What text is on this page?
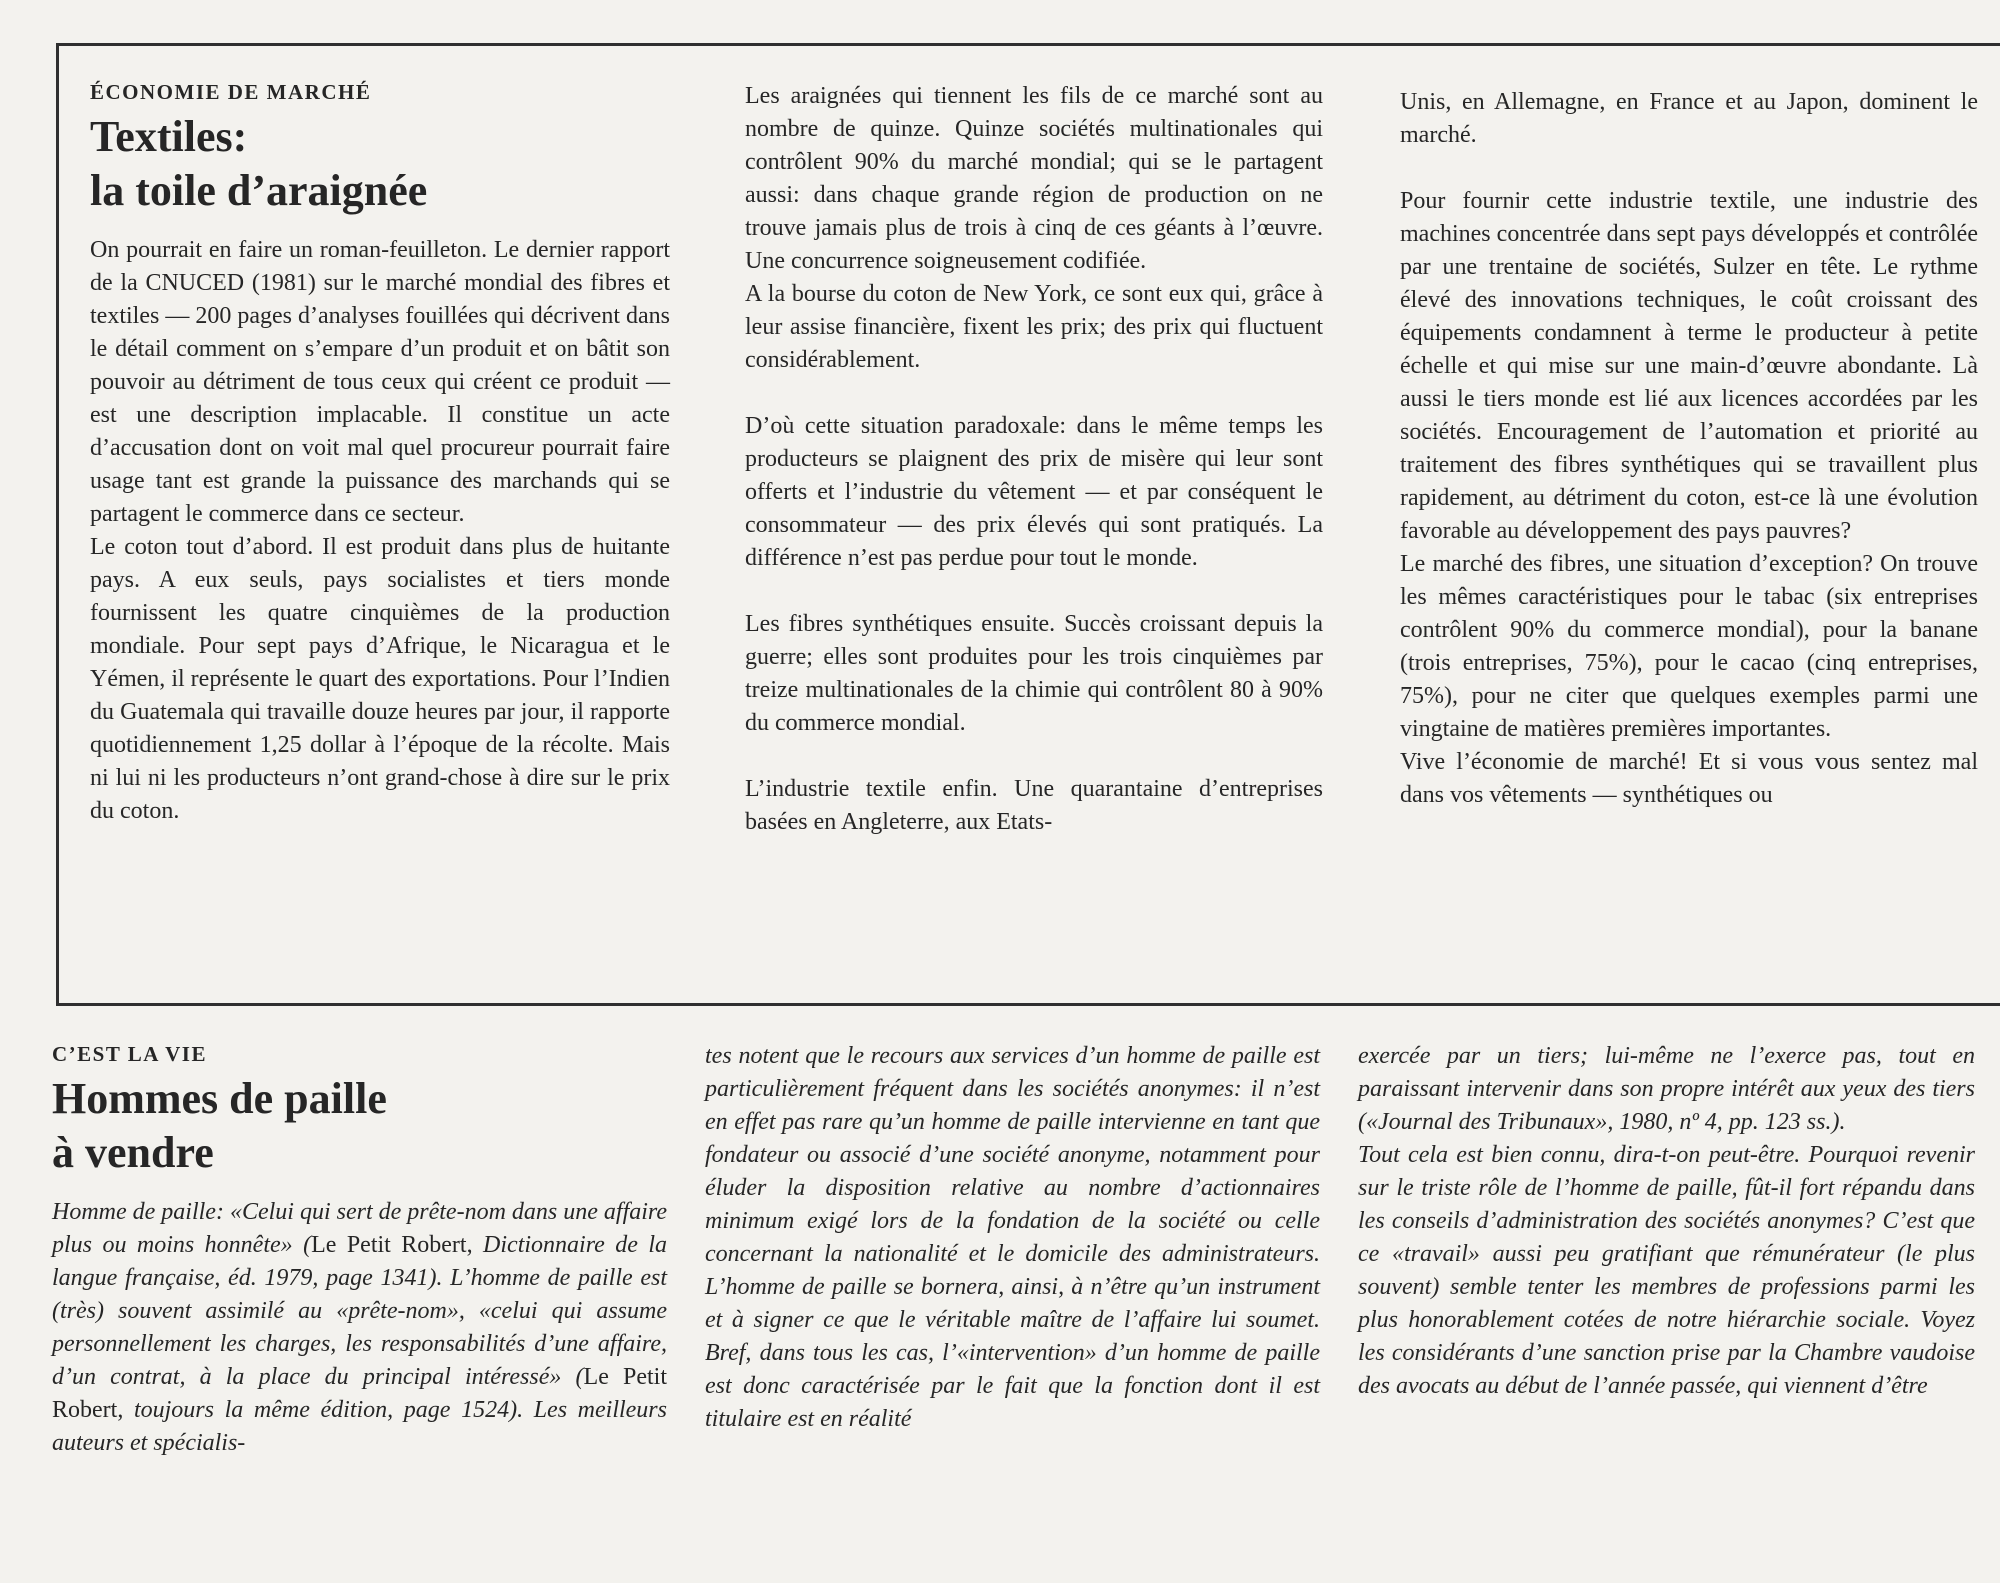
ÉCONOMIE DE MARCHÉ
Textiles:
la toile d’araignée

On pourrait en faire un roman-feuilleton. Le dernier rapport de la CNUCED (1981) sur le marché mondial des fibres et textiles — 200 pages d’analyses fouillées qui décrivent dans le détail comment on s’empare d’un produit et on bâtit son pouvoir au détriment de tous ceux qui créent ce produit — est une description implacable. Il constitue un acte d’accusation dont on voit mal quel procureur pourrait faire usage tant est grande la puissance des marchands qui se partagent le commerce dans ce secteur.

Le coton tout d’abord. Il est produit dans plus de huitante pays. A eux seuls, pays socialistes et tiers monde fournissent les quatre cinquièmes de la production mondiale. Pour sept pays d’Afrique, le Nicaragua et le Yémen, il représente le quart des exportations. Pour l’Indien du Guatemala qui travaille douze heures par jour, il rapporte quotidiennement 1,25 dollar à l’époque de la récolte. Mais ni lui ni les producteurs n’ont grand-chose à dire sur le prix du coton.

Les araignées qui tiennent les fils de ce marché sont au nombre de quinze. Quinze sociétés multinationales qui contrôlent 90% du marché mondial; qui se le partagent aussi: dans chaque grande région de production on ne trouve jamais plus de trois à cinq de ces géants à l’œuvre. Une concurrence soigneusement codifiée.

A la bourse du coton de New York, ce sont eux qui, grâce à leur assise financière, fixent les prix; des prix qui fluctuent considérablement.

D’où cette situation paradoxale: dans le même temps les producteurs se plaignent des prix de misère qui leur sont offerts et l’industrie du vêtement — et par conséquent le consommateur — des prix élevés qui sont pratiqués. La différence n’est pas perdue pour tout le monde.

Les fibres synthétiques ensuite. Succès croissant depuis la guerre; elles sont produites pour les trois cinquièmes par treize multinationales de la chimie qui contrôlent 80 à 90% du commerce mondial.

L’industrie textile enfin. Une quarantaine d’entreprises basées en Angleterre, aux Etats-

Unis, en Allemagne, en France et au Japon, dominent le marché.

Pour fournir cette industrie textile, une industrie des machines concentrée dans sept pays développés et contrôlée par une trentaine de sociétés, Sulzer en tête. Le rythme élevé des innovations techniques, le coût croissant des équipements condamnent à terme le producteur à petite échelle et qui mise sur une main-d’œuvre abondante. Là aussi le tiers monde est lié aux licences accordées par les sociétés. Encouragement de l’automation et priorité au traitement des fibres synthétiques qui se travaillent plus rapidement, au détriment du coton, est-ce là une évolution favorable au développement des pays pauvres?

Le marché des fibres, une situation d’exception? On trouve les mêmes caractéristiques pour le tabac (six entreprises contrôlent 90% du commerce mondial), pour la banane (trois entreprises, 75%), pour le cacao (cinq entreprises, 75%), pour ne citer que quelques exemples parmi une vingtaine de matières premières importantes.

Vive l’économie de marché! Et si vous vous sentez mal dans vos vêtements — synthétiques ou

C’EST LA VIE
Hommes de paille
à vendre

Homme de paille: «Celui qui sert de prête-nom dans une affaire plus ou moins honnête» (Le Petit Robert, Dictionnaire de la langue française, éd. 1979, page 1341). L’homme de paille est (très) souvent assimilé au «prête-nom», «celui qui assume personnellement les charges, les responsabilités d’une affaire, d’un contrat, à la place du principal intéressé» (Le Petit Robert, toujours la même édition, page 1524). Les meilleurs auteurs et spécialis-

tes notent que le recours aux services d’un homme de paille est particulièrement fréquent dans les sociétés anonymes: il n’est en effet pas rare qu’un homme de paille intervienne en tant que fondateur ou associé d’une société anonyme, notamment pour éluder la disposition relative au nombre d’actionnaires minimum exigé lors de la fondation de la société ou celle concernant la nationalité et le domicile des administrateurs. L’homme de paille se bornera, ainsi, à n’être qu’un instrument et à signer ce que le véritable maître de l’affaire lui soumet. Bref, dans tous les cas, l’«intervention» d’un homme de paille est donc caractérisée par le fait que la fonction dont il est titulaire est en réalité

exercée par un tiers; lui-même ne l’exerce pas, tout en paraissant intervenir dans son propre intérêt aux yeux des tiers («Journal des Tribunaux», 1980, nº 4, pp. 123 ss.).

Tout cela est bien connu, dira-t-on peut-être. Pourquoi revenir sur le triste rôle de l’homme de paille, fût-il fort répandu dans les conseils d’administration des sociétés anonymes? C’est que ce «travail» aussi peu gratifiant que rémunérateur (le plus souvent) semble tenter les membres de professions parmi les plus honorablement cotées de notre hiérarchie sociale. Voyez les considérants d’une sanction prise par la Chambre vaudoise des avocats au début de l’année passée, qui viennent d’être
